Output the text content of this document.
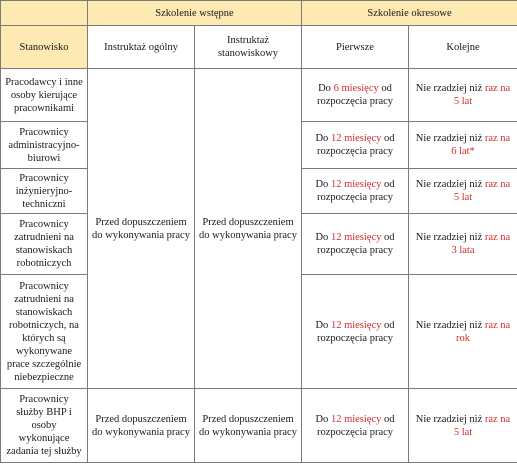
	Szkolenie wstępne		Szkolenie okresowe	
Stanowisko	Instruktaż ogólny	Instruktaż stanowiskowy	Pierwsze	Kolejne
Pracodawcy i inne osoby kierujące pracownikami	Przed dopuszczeniem do wykonywania pracy	Przed dopuszczeniem do wykonywania pracy	Do 6 miesięcy od rozpoczęcia pracy	Nie rzadziej niż raz na 5 lat
Pracownicy administracyjno-biurowi			Do 12 miesięcy od rozpoczęcia pracy	Nie rzadziej niż raz na 6 lat*
Pracownicy inżynieryjno-techniczni			Do 12 miesięcy od rozpoczęcia pracy	Nie rzadziej niż raz na 5 lat
Pracownicy zatrudnieni na stanowiskach robotniczych			Do 12 miesięcy od rozpoczęcia pracy	Nie rzadziej niż raz na 3 lata
Pracownicy zatrudnieni na stanowiskach robotniczych, na których są wykonywane prace szczególnie niebezpieczne			Do 12 miesięcy od rozpoczęcia pracy	Nie rzadziej niż raz na rok
Pracownicy służby BHP i osoby wykonujące zadania tej służby	Przed dopuszczeniem do wykonywania pracy	Przed dopuszczeniem do wykonywania pracy	Do 12 miesięcy od rozpoczęcia pracy	Nie rzadziej niż raz na 5 lat
